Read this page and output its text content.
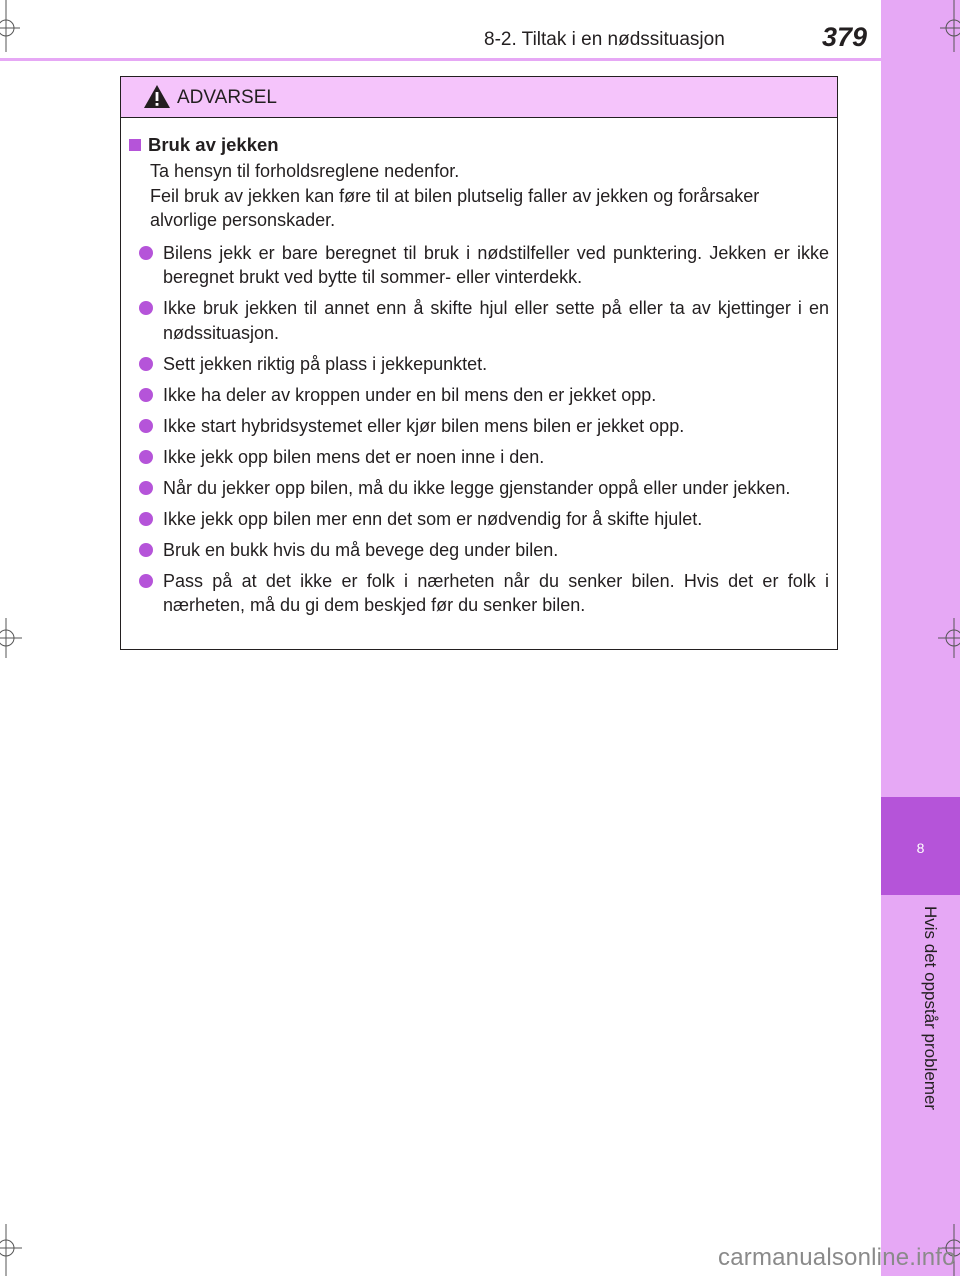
8
Hvis det oppstår problemer
8-2. Tiltak i en nødssituasjon	379
ADVARSEL
Bruk av jekken
Ta hensyn til forholdsreglene nedenfor.
Feil bruk av jekken kan føre til at bilen plutselig faller av jekken og forårsaker alvorlige personskader.
Bilens jekk er bare beregnet til bruk i nødstilfeller ved punktering. Jekken er ikke beregnet brukt ved bytte til sommer- eller vinterdekk.
Ikke bruk jekken til annet enn å skifte hjul eller sette på eller ta av kjettinger i en nødssituasjon.
Sett jekken riktig på plass i jekkepunktet.
Ikke ha deler av kroppen under en bil mens den er jekket opp.
Ikke start hybridsystemet eller kjør bilen mens bilen er jekket opp.
Ikke jekk opp bilen mens det er noen inne i den.
Når du jekker opp bilen, må du ikke legge gjenstander oppå eller under jekken.
Ikke jekk opp bilen mer enn det som er nødvendig for å skifte hjulet.
Bruk en bukk hvis du må bevege deg under bilen.
Pass på at det ikke er folk i nærheten når du senker bilen. Hvis det er folk i nærheten, må du gi dem beskjed før du senker bilen.
carmanualsonline.info
